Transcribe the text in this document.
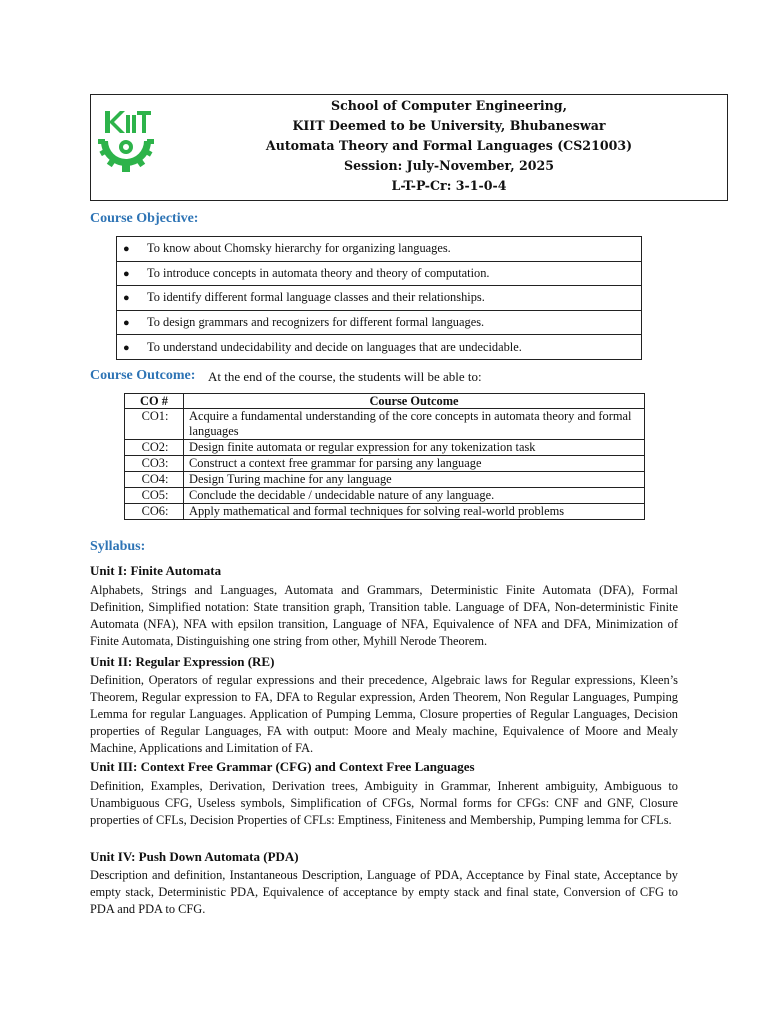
School of Computer Engineering,
KIIT Deemed to be University, Bhubaneswar
Automata Theory and Formal Languages (CS21003)
Session: July-November, 2025
L-T-P-Cr: 3-1-0-4
Course Objective:
● To know about Chomsky hierarchy for organizing languages.
● To introduce concepts in automata theory and theory of computation.
● To identify different formal language classes and their relationships.
● To design grammars and recognizers for different formal languages.
● To understand undecidability and decide on languages that are undecidable.
Course Outcome: At the end of the course, the students will be able to:
CO #	Course Outcome
CO1:	Acquire a fundamental understanding of the core concepts in automata theory and formal languages
CO2:	Design finite automata or regular expression for any tokenization task
CO3:	Construct a context free grammar for parsing any language
CO4:	Design Turing machine for any language
CO5:	Conclude the decidable / undecidable nature of any language.
CO6:	Apply mathematical and formal techniques for solving real-world problems
Syllabus:
Unit I: Finite Automata

Alphabets, Strings and Languages, Automata and Grammars, Deterministic Finite Automata (DFA), Formal Definition, Simplified notation: State transition graph, Transition table. Language of DFA, Non-deterministic Finite Automata (NFA), NFA with epsilon transition, Language of NFA, Equivalence of NFA and DFA, Minimization of Finite Automata, Distinguishing one string from other, Myhill Nerode Theorem.

Unit II: Regular Expression (RE)

Definition, Operators of regular expressions and their precedence, Algebraic laws for Regular expressions, Kleen’s Theorem, Regular expression to FA, DFA to Regular expression, Arden Theorem, Non Regular Languages, Pumping Lemma for regular Languages. Application of Pumping Lemma, Closure properties of Regular Languages, Decision properties of Regular Languages, FA with output: Moore and Mealy machine, Equivalence of Moore and Mealy Machine, Applications and Limitation of FA.

Unit III: Context Free Grammar (CFG) and Context Free Languages

Definition, Examples, Derivation, Derivation trees, Ambiguity in Grammar, Inherent ambiguity, Ambiguous to Unambiguous CFG, Useless symbols, Simplification of CFGs, Normal forms for CFGs: CNF and GNF, Closure properties of CFLs, Decision Properties of CFLs: Emptiness, Finiteness and Membership, Pumping lemma for CFLs.

Unit IV: Push Down Automata (PDA)

Description and definition, Instantaneous Description, Language of PDA, Acceptance by Final state, Acceptance by empty stack, Deterministic PDA, Equivalence of acceptance by empty stack and final state, Conversion of CFG to PDA and PDA to CFG.
